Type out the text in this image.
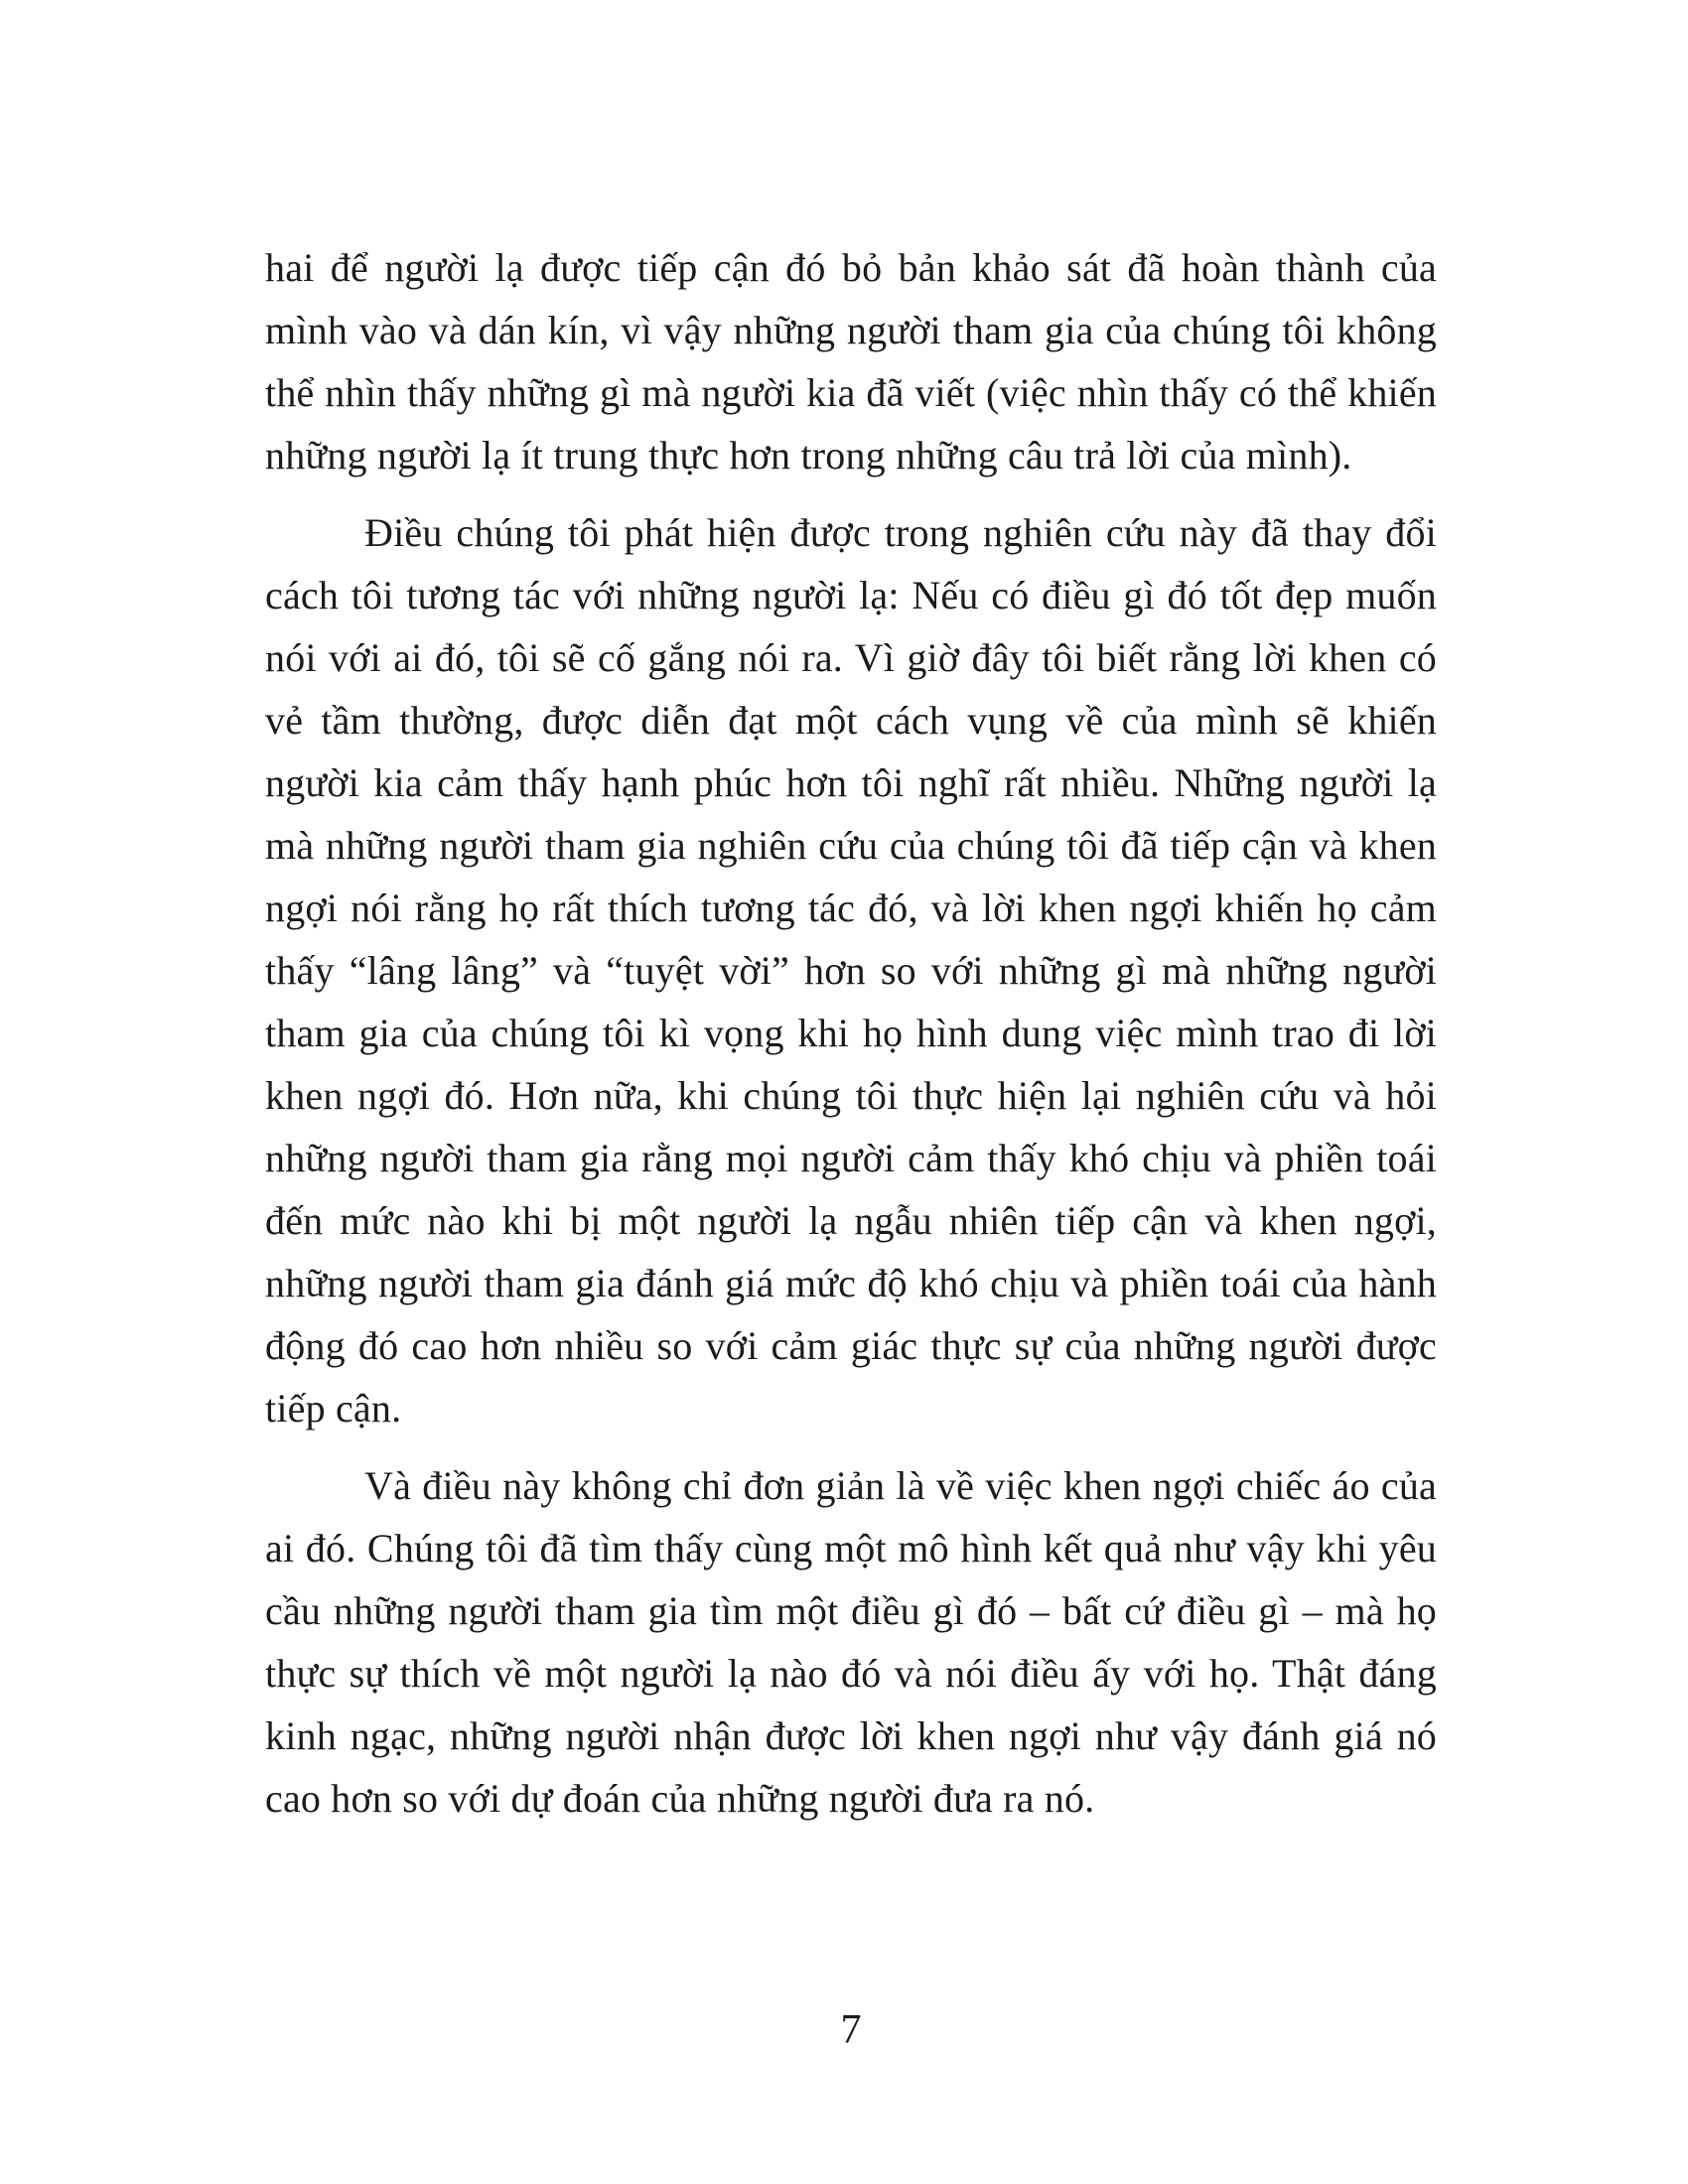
hai để người lạ được tiếp cận đó bỏ bản khảo sát đã hoàn thành của mình vào và dán kín, vì vậy những người tham gia của chúng tôi không thể nhìn thấy những gì mà người kia đã viết (việc nhìn thấy có thể khiến những người lạ ít trung thực hơn trong những câu trả lời của mình).

Điều chúng tôi phát hiện được trong nghiên cứu này đã thay đổi cách tôi tương tác với những người lạ: Nếu có điều gì đó tốt đẹp muốn nói với ai đó, tôi sẽ cố gắng nói ra. Vì giờ đây tôi biết rằng lời khen có vẻ tầm thường, được diễn đạt một cách vụng về của mình sẽ khiến người kia cảm thấy hạnh phúc hơn tôi nghĩ rất nhiều. Những người lạ mà những người tham gia nghiên cứu của chúng tôi đã tiếp cận và khen ngợi nói rằng họ rất thích tương tác đó, và lời khen ngợi khiến họ cảm thấy “lâng lâng” và “tuyệt vời” hơn so với những gì mà những người tham gia của chúng tôi kì vọng khi họ hình dung việc mình trao đi lời khen ngợi đó. Hơn nữa, khi chúng tôi thực hiện lại nghiên cứu và hỏi những người tham gia rằng mọi người cảm thấy khó chịu và phiền toái đến mức nào khi bị một người lạ ngẫu nhiên tiếp cận và khen ngợi, những người tham gia đánh giá mức độ khó chịu và phiền toái của hành động đó cao hơn nhiều so với cảm giác thực sự của những người được tiếp cận.

Và điều này không chỉ đơn giản là về việc khen ngợi chiếc áo của ai đó. Chúng tôi đã tìm thấy cùng một mô hình kết quả như vậy khi yêu cầu những người tham gia tìm một điều gì đó – bất cứ điều gì – mà họ thực sự thích về một người lạ nào đó và nói điều ấy với họ. Thật đáng kinh ngạc, những người nhận được lời khen ngợi như vậy đánh giá nó cao hơn so với dự đoán của những người đưa ra nó.

7
